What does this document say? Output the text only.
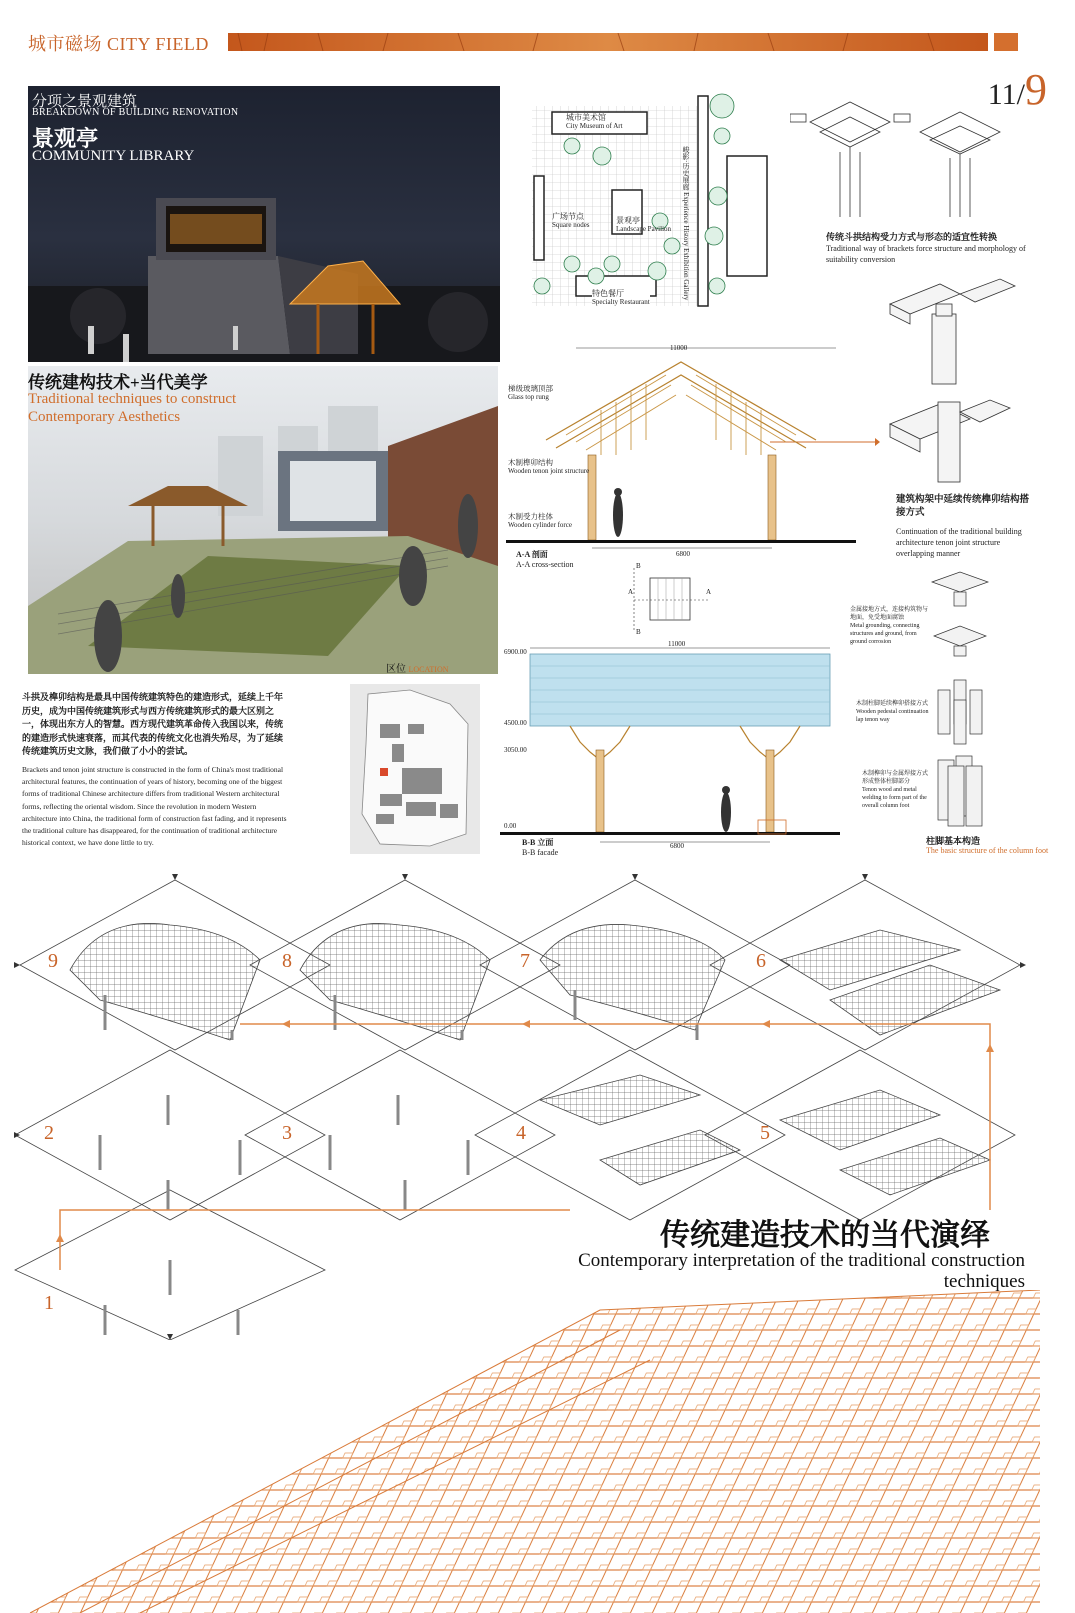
城市磁场 CITY FIELD
11/9
分项之景观建筑
BREAKDOWN OF BUILDING RENOVATION
景观亭
COMMUNITY LIBRARY
城市美术馆
City Museum of Art
广场节点
Square nodes	景观亭
Landscape Pavilion
特色餐厅
Specialty Restaurant
峻影·历史展廊 Experience History Exhibition Gallery	传统斗拱结构受力方式与形态的适宜性转换
Traditional way of brackets force structure and morphology of suitability conversion
建筑构架中延续传统榫卯结构搭接方式
Continuation of the traditional building architecture tenon joint structure overlapping manner
传统建构技术+当代美学
Traditional techniques to construct
Contemporary Aesthetics
区位 LOCATION
11000
6800
梯级玻璃顶部
Glass top rung
木制榫卯结构
Wooden tenon joint structure
木制受力柱体
Wooden cylinder force
A-A 剖面
A-A cross-section
A	A
B
B
11000
6800
6900.00
4500.00
3050.00
0.00
B-B 立面
B-B facade
金属接地方式，连接构筑物与地面，免受地面腐蚀
Metal grounding, connecting structures and ground, from ground corrosion
木制柱脚延续榫卯搭接方式
Wooden pedestal continuation lap tenon way
木制榫卯与金属焊接方式形成整体柱脚部分
Tenon wood and metal welding to form part of the overall column foot
柱脚基本构造
The basic structure of the column foot
斗拱及榫卯结构是最具中国传统建筑特色的建造形式，延续上千年历史，成为中国传统建筑形式与西方传统建筑形式的最大区别之一，体现出东方人的智慧。西方现代建筑革命传入我国以来，传统的建造形式快速衰落，而其代表的传统文化也消失殆尽，为了延续传统建筑历史文脉，我们做了小小的尝试。
Brackets and tenon joint structure is constructed in the form of China's most traditional architectural features, the continuation of years of history, becoming one of the biggest forms of traditional Chinese architecture differs from traditional Western architectural forms, reflecting the oriental wisdom. Since the revolution in modern Western architecture into China, the traditional form of construction fast fading, and it represents the traditional culture has disappeared, for the continuation of traditional architecture historical context, we have done little to try.
9	8	7	6
2	3	4	5
1
传统建造技术的当代演绎
Contemporary interpretation of the traditional construction
techniques
